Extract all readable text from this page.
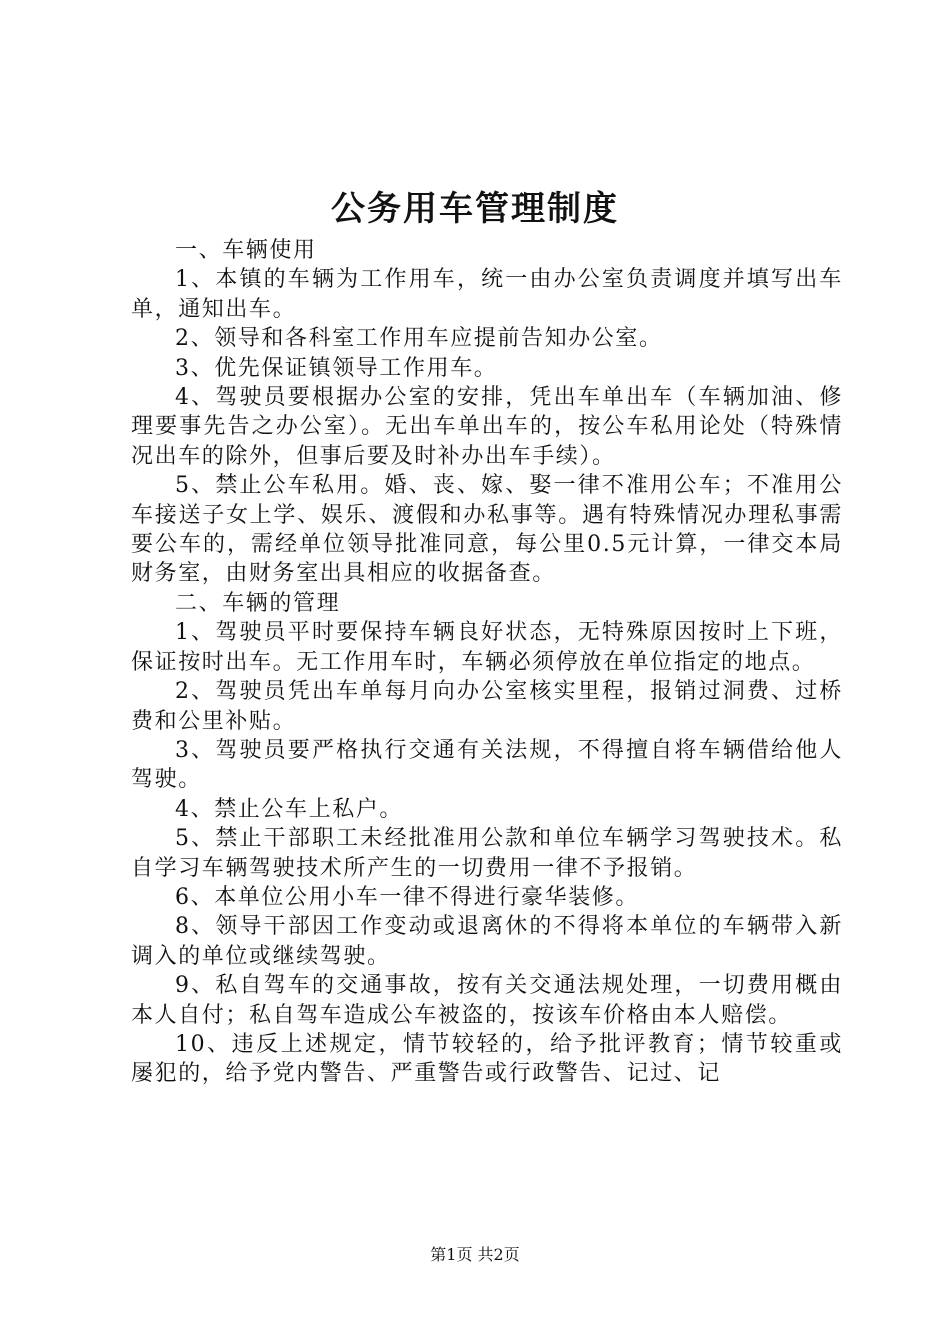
公务用车管理制度

一、车辆使用

1、本镇的车辆为工作用车，统一由办公室负责调度并填写出车单，通知出车。

2、领导和各科室工作用车应提前告知办公室。

3、优先保证镇领导工作用车。

4、驾驶员要根据办公室的安排，凭出车单出车（车辆加油、修理要事先告之办公室）。无出车单出车的，按公车私用论处（特殊情况出车的除外，但事后要及时补办出车手续）。

5、禁止公车私用。婚、丧、嫁、娶一律不准用公车；不准用公车接送子女上学、娱乐、渡假和办私事等。遇有特殊情况办理私事需要公车的，需经单位领导批准同意，每公里0.5元计算，一律交本局财务室，由财务室出具相应的收据备查。

二、车辆的管理

1、驾驶员平时要保持车辆良好状态，无特殊原因按时上下班，保证按时出车。无工作用车时，车辆必须停放在单位指定的地点。

2、驾驶员凭出车单每月向办公室核实里程，报销过洞费、过桥费和公里补贴。

3、驾驶员要严格执行交通有关法规，不得擅自将车辆借给他人驾驶。

4、禁止公车上私户。

5、禁止干部职工未经批准用公款和单位车辆学习驾驶技术。私自学习车辆驾驶技术所产生的一切费用一律不予报销。

6、本单位公用小车一律不得进行豪华装修。

8、领导干部因工作变动或退离休的不得将本单位的车辆带入新调入的单位或继续驾驶。

9、私自驾车的交通事故，按有关交通法规处理，一切费用概由本人自付；私自驾车造成公车被盗的，按该车价格由本人赔偿。

10、违反上述规定，情节较轻的，给予批评教育；情节较重或屡犯的，给予党内警告、严重警告或行政警告、记过、记

第1页 共2页
